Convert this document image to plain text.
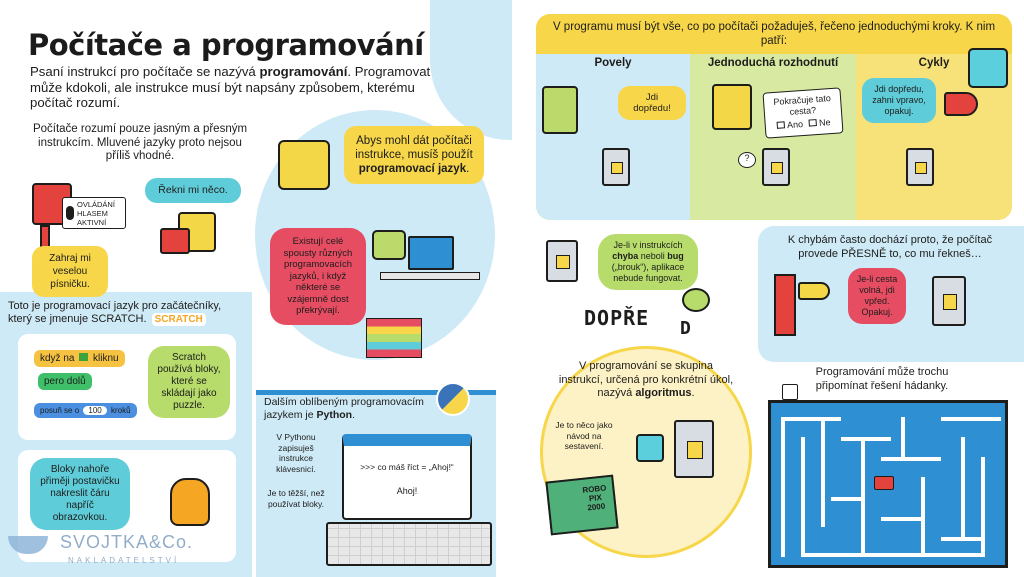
Počítače a programování
Psaní instrukcí pro počítače se nazývá programování. Programovat může kdokoli, ale instrukce musí být napsány způsobem, kterému počítač rozumí.
Počítače rozumí pouze jasným a přesným instrukcím. Mluvené jazyky proto nejsou příliš vhodné.
OVLÁDÁNÍ HLASEM AKTIVNÍ
Zahraj mi veselou písničku.
Řekni mi něco.
Abys mohl dát počítači instrukce, musíš použít programovací jazyk.
Existují celé spousty různých programovacích jazyků, i když některé se vzájemně dost překrývají.
Toto je programovací jazyk pro začátečníky, který se jmenuje SCRATCH. SCRATCH
když na kliknu
pero dolů
posuň se o 100 kroků
Scratch používá bloky, které se skládají jako puzzle.
Bloky nahoře přiměji postavičku nakreslit čáru napříč obrazovkou.
Dalším oblíbeným programovacím jazykem je Python.
V Pythonu zapisuješ instrukce klávesnicí.
Je to těžší, než používat bloky.
>>> co máš říct = „Ahoj!“
Ahoj!
SVOJTKA&Co.
NAKLADATELSTVÍ
V programu musí být vše, co po počítači požaduješ, řečeno jednoduchými kroky. K nim patří:
Povely	Jednoduchá rozhodnutí	Cykly
Jdi dopředu!
Pokračuje tato cesta?
Ano Ne
?
Jdi dopředu, zahni vpravo, opakuj.
Je-li v instrukcích chyba neboli bug („brouk“), aplikace nebude fungovat.
DOPŘE D
K chybám často dochází proto, že počítač provede PŘESNĚ to, co mu řekneš…
Je-li cesta volná, jdi vpřed. Opakuj.
V programování se skupina instrukcí, určená pro konkrétní úkol, nazývá algoritmus.
Je to něco jako návod na sestavení.
ROBO PIX 2000
Programování může trochu připomínat řešení hádanky.
